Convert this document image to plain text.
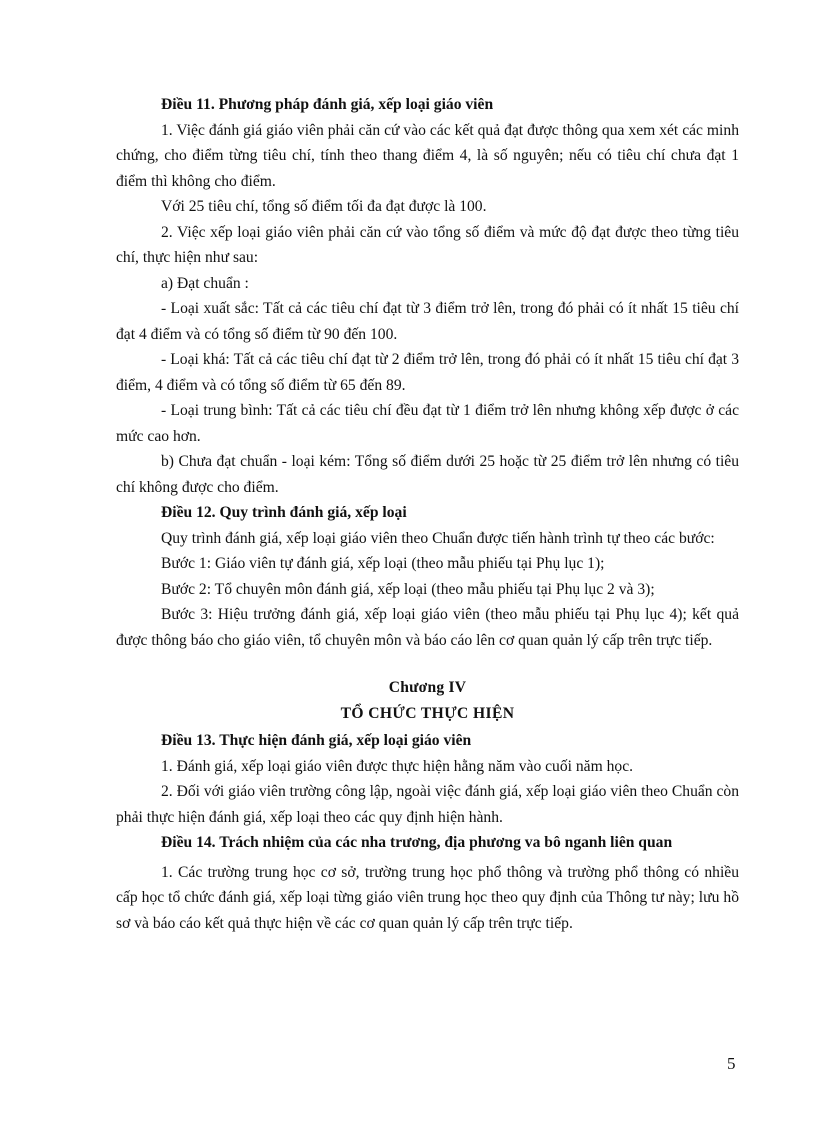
Điều 11. Phương pháp đánh giá, xếp loại giáo viên

1. Việc đánh giá giáo viên phải căn cứ vào các kết quả đạt được thông qua xem xét các minh chứng, cho điểm từng tiêu chí, tính theo thang điểm 4, là số nguyên; nếu có tiêu chí chưa đạt 1 điểm thì không cho điểm.

Với 25 tiêu chí, tổng số điểm tối đa đạt được là 100.

2. Việc xếp loại giáo viên phải căn cứ vào tổng số điểm và mức độ đạt được theo từng tiêu chí, thực hiện như sau:

a) Đạt chuẩn :

- Loại xuất sắc: Tất cả các tiêu chí đạt từ 3 điểm trở lên, trong đó phải có ít nhất 15 tiêu chí đạt 4 điểm và có tổng số điểm từ 90 đến 100.

- Loại khá: Tất cả các tiêu chí đạt từ 2 điểm trở lên, trong đó phải có ít nhất 15 tiêu chí đạt 3 điểm, 4 điểm và có tổng số điểm từ 65 đến 89.

- Loại trung bình: Tất cả các tiêu chí đều đạt từ 1 điểm trở lên nhưng không xếp được ở các mức cao hơn.

b) Chưa đạt chuẩn - loại kém: Tổng số điểm dưới 25 hoặc từ 25 điểm trở lên nhưng có tiêu chí không được cho điểm.

Điều 12. Quy trình đánh giá, xếp loại

Quy trình đánh giá, xếp loại giáo viên theo Chuẩn được tiến hành trình tự theo các bước:

Bước 1: Giáo viên tự đánh giá, xếp loại (theo mẫu phiếu tại Phụ lục 1);

Bước 2: Tổ chuyên môn đánh giá, xếp loại (theo mẫu phiếu tại Phụ lục 2 và 3);

Bước 3: Hiệu trưởng đánh giá, xếp loại giáo viên (theo mẫu phiếu tại Phụ lục 4); kết quả được thông báo cho giáo viên, tổ chuyên môn và báo cáo lên cơ quan quản lý cấp trên trực tiếp.

Chương IV

TỔ CHỨC THỰC HIỆN

Điều 13. Thực hiện đánh giá, xếp loại giáo viên

1. Đánh giá, xếp loại giáo viên được thực hiện hằng năm vào cuối năm học.

2. Đối với giáo viên trường công lập, ngoài việc đánh giá, xếp loại giáo viên theo Chuẩn còn phải thực hiện đánh giá, xếp loại theo các quy định hiện hành.

Điều 14. Trách nhiệm của các nha trương, địa phương va bô nganh liên quan

1. Các trường trung học cơ sở, trường trung học phổ thông và trường phổ thông có nhiều cấp học tổ chức đánh giá, xếp loại từng giáo viên trung học theo quy định của Thông tư này; lưu hồ sơ và báo cáo kết quả thực hiện về các cơ quan quản lý cấp trên trực tiếp.

5
